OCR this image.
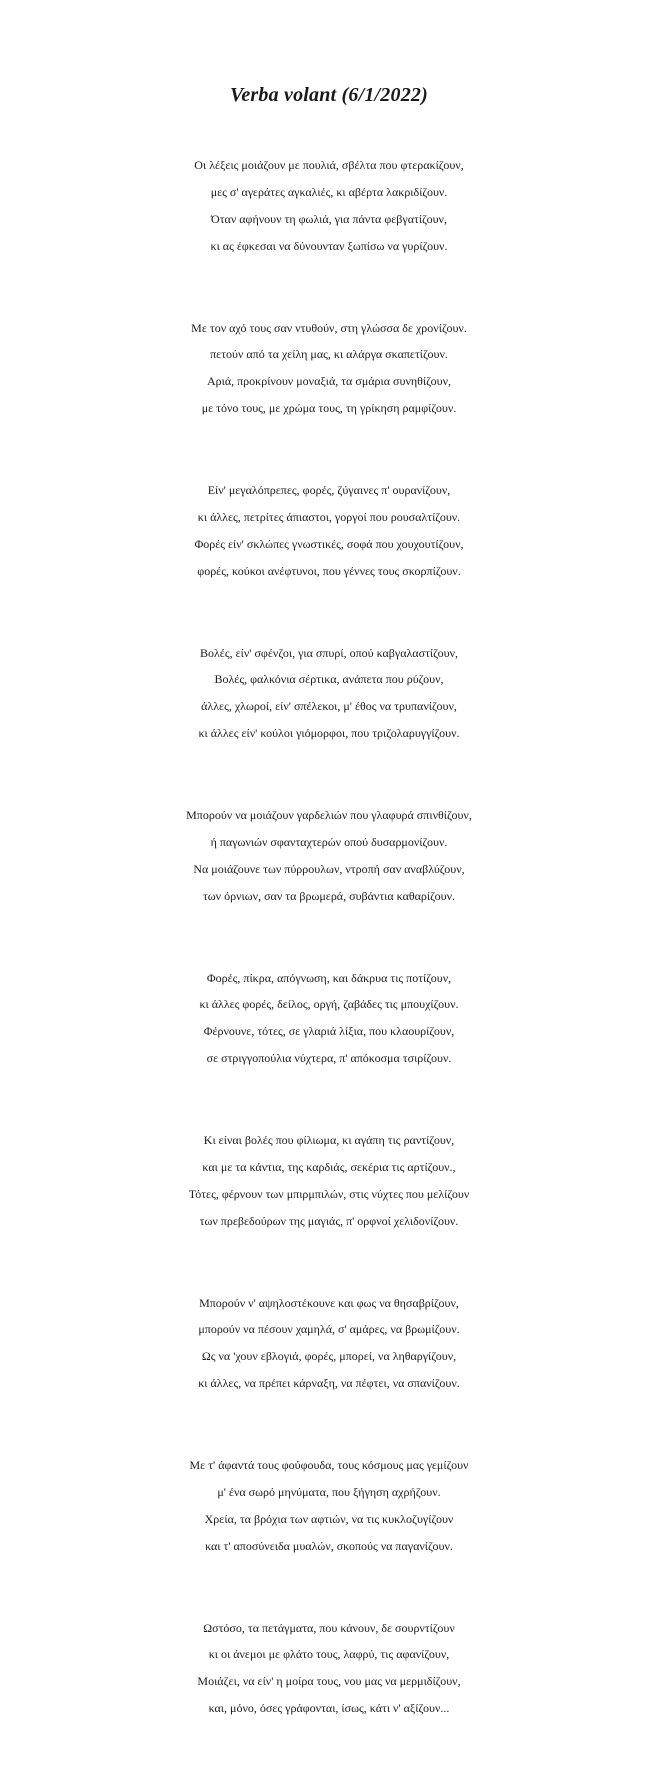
Verba volant (6/1/2022)
Οι λέξεις μοιάζουν με πουλιά, σβέλτα που φτερακίζουν,
μες σ' αγεράτες αγκαλιές, κι αβέρτα λακριδίζουν.
Όταν αφήνουν τη φωλιά, για πάντα φεβγατίζουν,
κι ας έφκεσαι να δύνουνταν ξωπίσω να γυρίζουν.
Με τον αχό τους σαν ντυθούν, στη γλώσσα δε χρονίζουν.
πετούν από τα χείλη μας, κι αλάργα σκαπετίζουν.
Αριά, προκρίνουν μοναξιά, τα σμάρια συνηθίζουν,
με τόνο τους, με χρώμα τους, τη γρίκηση ραμφίζουν.
Είν' μεγαλόπρεπες, φορές, ζύγαινες π' ουρανίζουν,
κι άλλες, πετρίτες άπιαστοι, γοργοί που ρουσαλτίζουν.
Φορές είν' σκλώπες γνωστικές, σοφά που χουχουτίζουν,
φορές, κούκοι ανέφτυνοι, που γέννες τους σκορπίζουν.
Βολές, είν' σφένζοι, για σπυρί, οπού καβγαλαστίζουν,
Βολές, φαλκόνια σέρτικα, ανάπετα που ρύζουν,
άλλες, χλωροί, είν' σπέλεκοι, μ' έθος να τρυπανίζουν,
κι άλλες είν' κούλοι γιόμορφοι, που τριζολαρυγγίζουν.
Μπορούν να μοιάζουν γαρδελιών που γλαφυρά σπινθίζουν,
ή παγωνιών σφανταχτερών οπού δυσαρμονίζουν.
Να μοιάζουνε των πύρρουλων, ντροπή σαν αναβλύζουν,
των όρνιων, σαν τα βρωμερά, συβάντια καθαρίζουν.
Φορές, πίκρα, απόγνωση, και δάκρυα τις ποτίζουν,
κι άλλες φορές, δείλος, οργή, ζαβάδες τις μπουχίζουν.
Φέρνουνε, τότες, σε γλαριά λίξια, που κλαουρίζουν,
σε στριγγοπούλια νύχτερα, π' απόκοσμα τσιρίζουν.
Κι είναι βολές που φίλιωμα, κι αγάπη τις ραντίζουν,
και με τα κάντια, της καρδιάς, σεκέρια τις αρτίζουν.,
Τότες, φέρνουν των μπιρμπιλών, στις νύχτες που μελίζουν
των πρεβεδούρων της μαγιάς, π' ορφνοί χελιδονίζουν.
Μπορούν ν' αψηλοστέκουνε και φως να θησαβρίζουν,
μπορούν να πέσουν χαμηλά, σ' αμάρες, να βρωμίζουν.
Ως να 'χουν εβλογιά, φορές, μπορεί, να ληθαργίζουν,
κι άλλες, να πρέπει κάρναξη, να πέφτει, να σπανίζουν.
Με τ' άφαντά τους φούφουδα, τους κόσμους μας γεμίζουν
μ' ένα σωρό μηνύματα, που ξήγηση αχρήζουν.
Χρεία, τα βρόχια των αφτιών, να τις κυκλοζυγίζουν
και τ' αποσύνειδα μυαλών, σκοπούς να παγανίζουν.
Ωστόσο, τα πετάγματα, που κάνουν, δε σουρντίζουν
κι οι άνεμοι με φλάτο τους, λαφρύ, τις αφανίζουν,
Μοιάζει, να είν' η μοίρα τους, νου μας να μερμιδίζουν,
και, μόνο, όσες γράφονται, ίσως, κάτι ν' αξίζουν...
